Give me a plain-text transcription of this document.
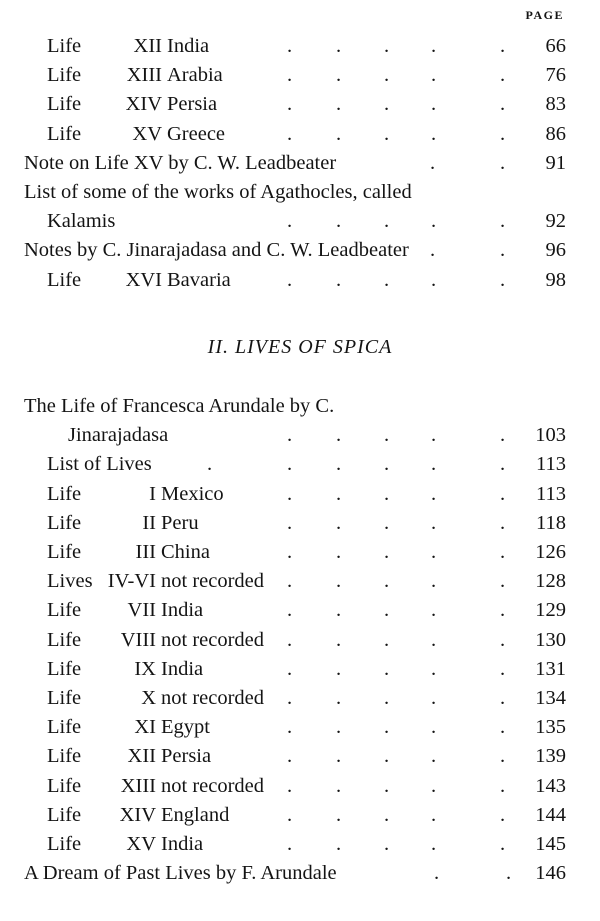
PAGE
Life	XII India	66
. . . .	.
Life XIII Arabia	76
. . . .	.
Life XIV Persia	83
. . . .	.
Life XV Greece	86
. . . .	.
Note on Life XV by C. W. Leadbeater	91
.	.
List of some of the works of Agathocles, called
Kalamis	92
. . . .	.
Notes by C. Jinarajadasa and C. W. Leadbeater	96
.	.
Life XVI Bavaria	98
. . . .	.
The Life of Francesca Arundale by C.
Jinarajadasa	103
. . . .	.
List of Lives	113
.	. . . .	.
Life	I Mexico	113
. . . .	.
Life	II Peru	118
. . . .	.
Life	III China	126
. . . .	.
Lives IV-VI not recorded	128
. . . .	.
Life VII India	129
. . . .	.
Life VIII not recorded	130
. . . .	.
Life	IX India	131
. . . .	.
Life	X not recorded	134
. . . .	.
Life	XI Egypt	135
. . . .	.
Life XII Persia	139
. . . .	.
Life XIII not recorded	143
. . . .	.
Life XIV England	144
. . . .	.
Life XV India	145
. . . .	.
A Dream of Past Lives by F. Arundale	146
.	.
II. LIVES OF SPICA
